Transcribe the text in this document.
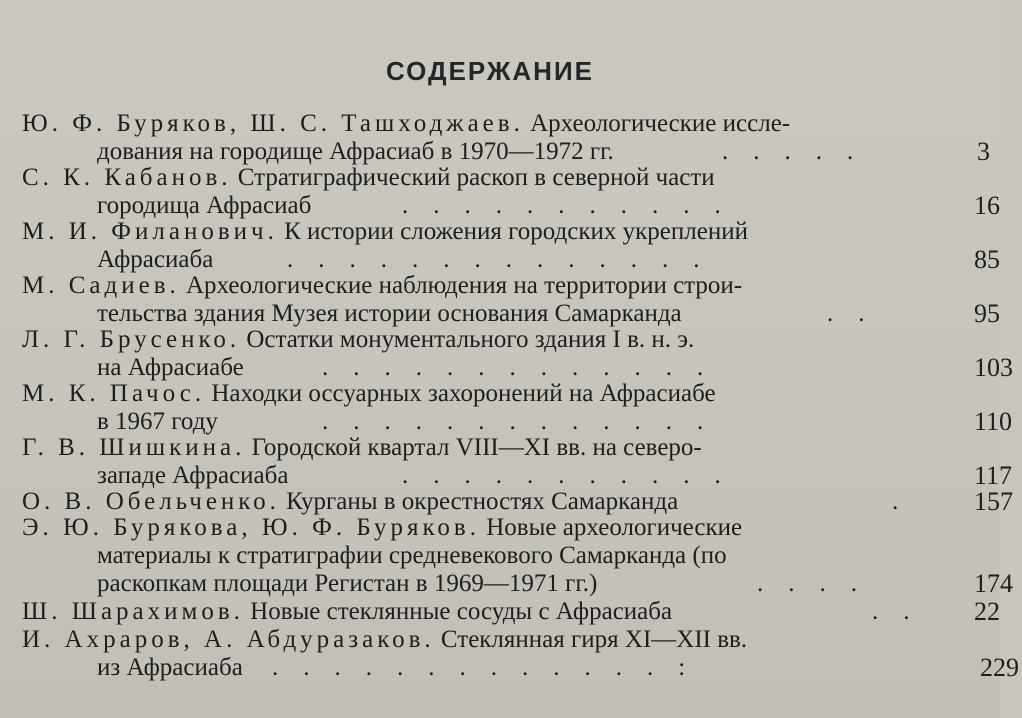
СОДЕРЖАНИЕ
Ю. Ф. Буряков, Ш. С. Ташходжаев. Археологические иссле-
дования на городище Афрасиаб в 1970—1972 гг.	.    .    .    .    .	3
С. К. Кабанов. Стратиграфический раскоп в северной части
городища Афрасиаб	.    .    .    .    .    .    .    .    .    .    .	16
М. И. Филанович. К истории сложения городских укреплений
Афрасиаба	.    .    .    .    .    .    .    .    .    .    .    .    .    .	85
М. Садиев. Археологические наблюдения на территории строи-
тельства здания Музея истории основания Самарканда	.    .	95
Л. Г. Брусенко. Остатки монументального здания I в. н. э.
на Афрасиабе	.    .    .    .    .    .    .    .    .    .    .    .    .	103
М. К. Пачос. Находки оссуарных захоронений на Афрасиабе
в 1967 году	.    .    .    .    .    .    .    .    .    .    .    .    .	110
Г. В. Шишкина. Городской квартал VIII—XI вв. на северо-
западе Афрасиаба	.    .    .    .    .    .    .    .    .    .    .	117
О. В. Обельченко. Курганы в окрестностях Самарканда	.	157
Э. Ю. Бурякова, Ю. Ф. Буряков. Новые археологические
материалы к стратиграфии средневекового Самарканда (по
раскопкам площади Регистан в 1969—1971 гг.)	.    .    .    .	174
Ш. Шарахимов. Новые стеклянные сосуды с Афрасиаба	.    . 22
И. Ахраров, А. Абдуразаков. Стеклянная гиря XI—XII вв.
из Афрасиаба .    .    .    .    .    .    .    .    .    .    .    .    .    :	229
